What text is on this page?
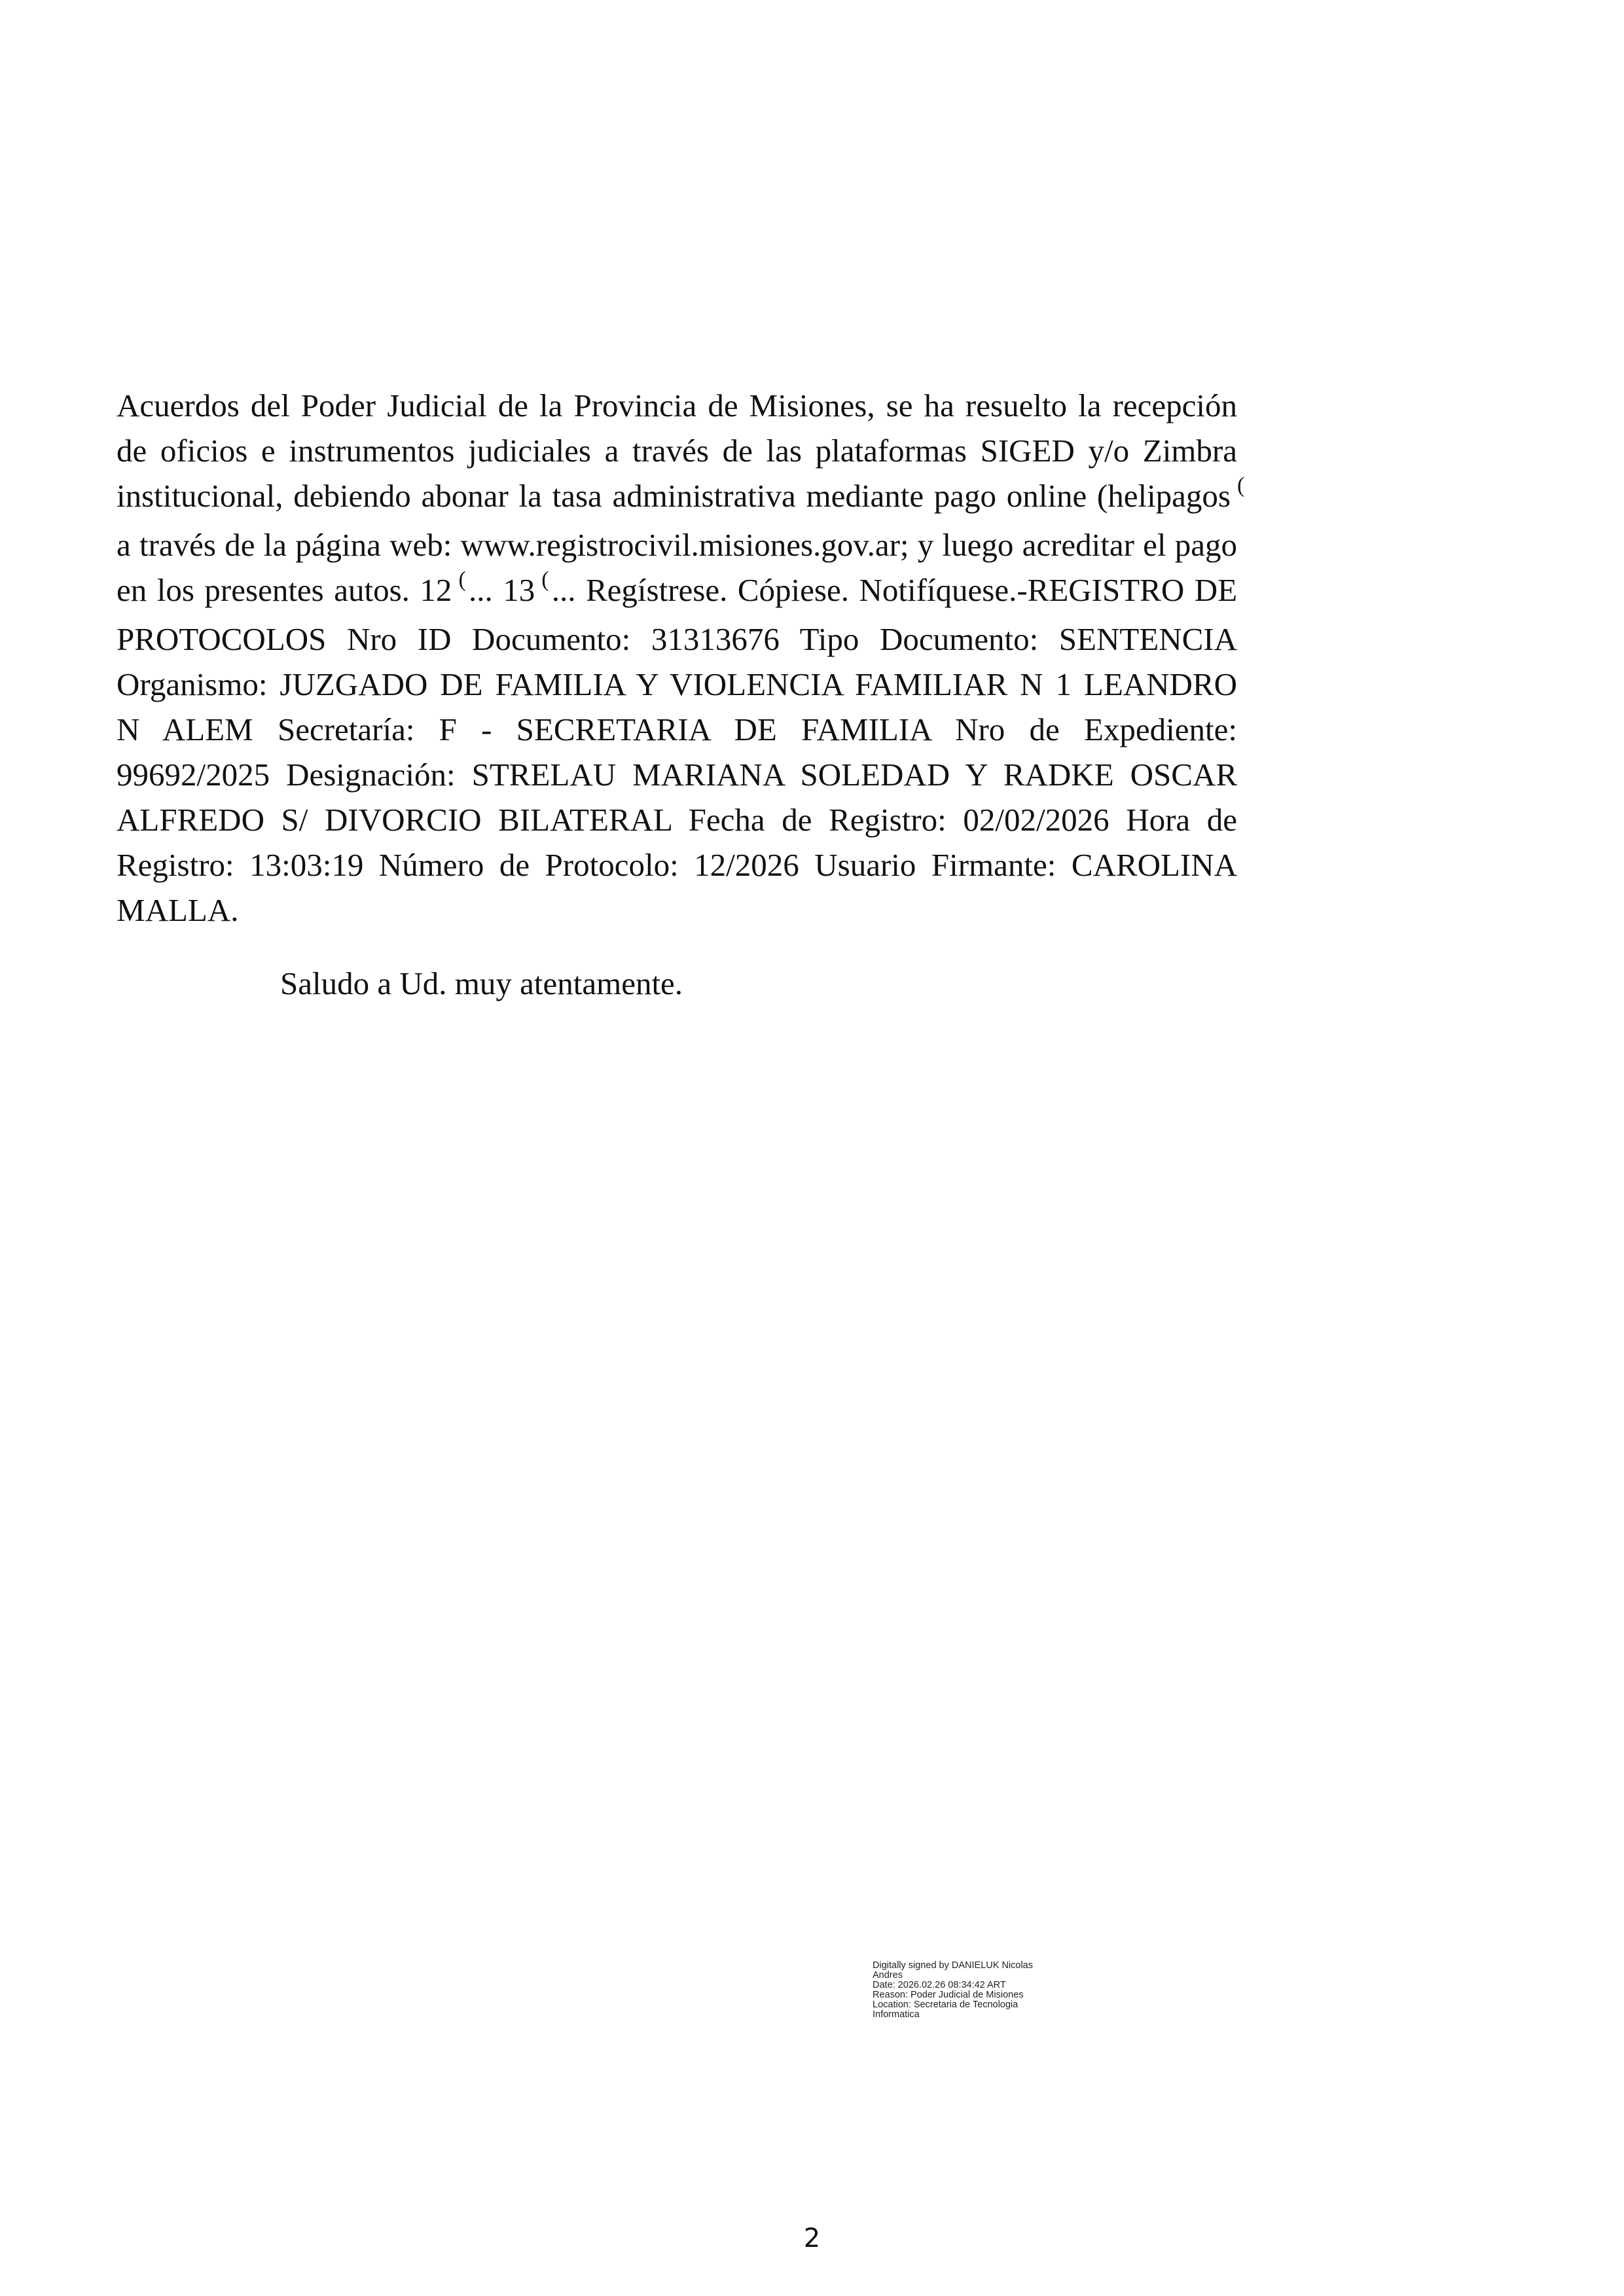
Acuerdos del Poder Judicial de la Provincia de Misiones, se ha resuelto la recepción
de oficios e instrumentos judiciales a través de las plataformas SIGED y/o Zimbra
institucional, debiendo abonar la tasa administrativa mediante pago online (helipagos (
a través de la página web: www.registrocivil.misiones.gov.ar; y luego acreditar el pago
en los presentes autos. 12 ( ... 13 ( ... Regístrese. Cópiese. Notifíquese.-REGISTRO DE
PROTOCOLOS Nro ID Documento: 31313676 Tipo Documento: SENTENCIA
Organismo: JUZGADO DE FAMILIA Y VIOLENCIA FAMILIAR N 1 LEANDRO
N ALEM Secretaría: F - SECRETARIA DE FAMILIA Nro de Expediente:
99692/2025 Designación: STRELAU MARIANA SOLEDAD Y RADKE OSCAR
ALFREDO S/ DIVORCIO BILATERAL Fecha de Registro: 02/02/2026 Hora de
Registro: 13:03:19 Número de Protocolo: 12/2026 Usuario Firmante: CAROLINA
MALLA.

Saludo a Ud. muy atentamente.

Digitally signed by DANIELUK Nicolas
Andres
Date: 2026.02.26 08:34:42 ART
Reason: Poder Judicial de Misiones
Location: Secretaria de Tecnologia
Informatica
2
